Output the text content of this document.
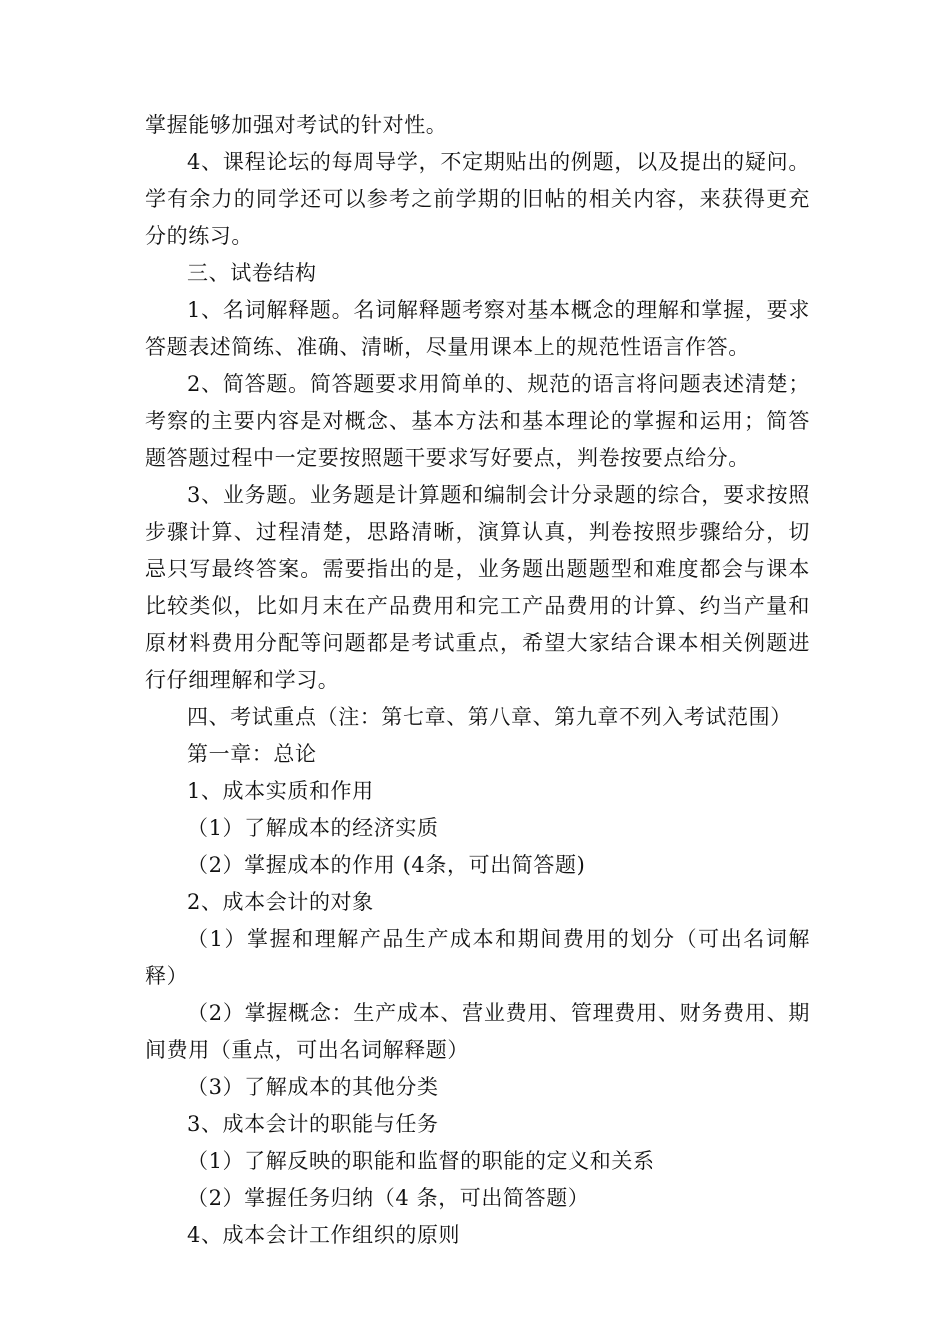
掌握能够加强对考试的针对性。

4、课程论坛的每周导学，不定期贴出的例题，以及提出的疑问。学有余力的同学还可以参考之前学期的旧帖的相关内容，来获得更充分的练习。

三、试卷结构

1、名词解释题。名词解释题考察对基本概念的理解和掌握，要求答题表述简练、准确、清晰，尽量用课本上的规范性语言作答。

2、简答题。简答题要求用简单的、规范的语言将问题表述清楚；考察的主要内容是对概念、基本方法和基本理论的掌握和运用；简答题答题过程中一定要按照题干要求写好要点，判卷按要点给分。

3、业务题。业务题是计算题和编制会计分录题的综合，要求按照步骤计算、过程清楚，思路清晰，演算认真，判卷按照步骤给分，切忌只写最终答案。需要指出的是，业务题出题题型和难度都会与课本比较类似，比如月末在产品费用和完工产品费用的计算、约当产量和原材料费用分配等问题都是考试重点，希望大家结合课本相关例题进行仔细理解和学习。

四、考试重点（注：第七章、第八章、第九章不列入考试范围）

第一章：总论

1、成本实质和作用

（1）了解成本的经济实质

（2）掌握成本的作用 (4条，可出简答题)

2、成本会计的对象

（1）掌握和理解产品生产成本和期间费用的划分（可出名词解释）

（2）掌握概念：生产成本、营业费用、管理费用、财务费用、期间费用（重点，可出名词解释题）

（3）了解成本的其他分类

3、成本会计的职能与任务

（1）了解反映的职能和监督的职能的定义和关系

（2）掌握任务归纳（4 条，可出简答题）

4、成本会计工作组织的原则
